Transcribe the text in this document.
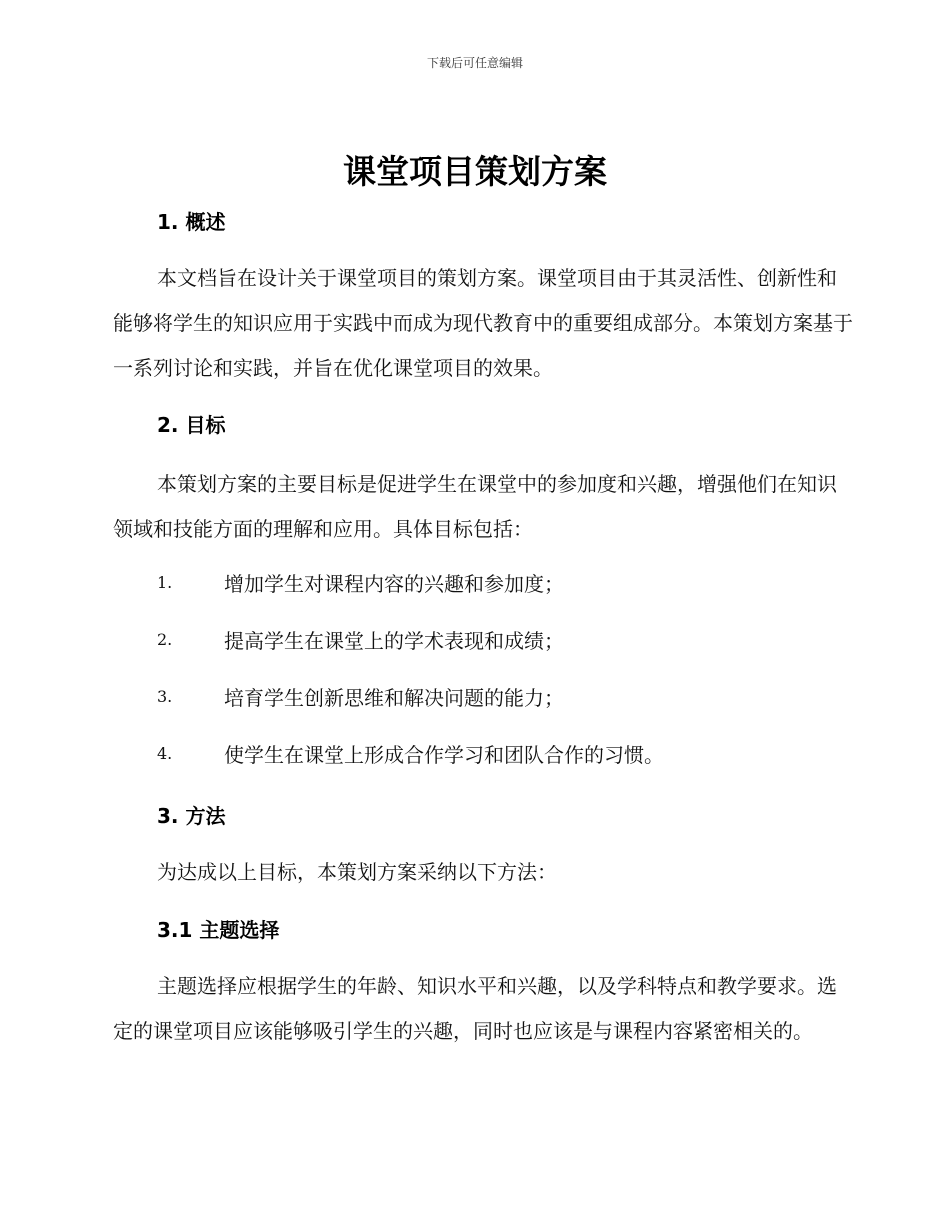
下载后可任意编辑
课堂项目策划方案
1. 概述

本文档旨在设计关于课堂项目的策划方案。课堂项目由于其灵活性、创新性和能够将学生的知识应用于实践中而成为现代教育中的重要组成部分。本策划方案基于一系列讨论和实践，并旨在优化课堂项目的效果。

2. 目标

本策划方案的主要目标是促进学生在课堂中的参加度和兴趣，增强他们在知识领域和技能方面的理解和应用。具体目标包括：

1.	增加学生对课程内容的兴趣和参加度；
2.	提高学生在课堂上的学术表现和成绩；
3.	培育学生创新思维和解决问题的能力；
4.	使学生在课堂上形成合作学习和团队合作的习惯。
3. 方法

为达成以上目标，本策划方案采纳以下方法：

3.1 主题选择

主题选择应根据学生的年龄、知识水平和兴趣，以及学科特点和教学要求。选定的课堂项目应该能够吸引学生的兴趣，同时也应该是与课程内容紧密相关的。
